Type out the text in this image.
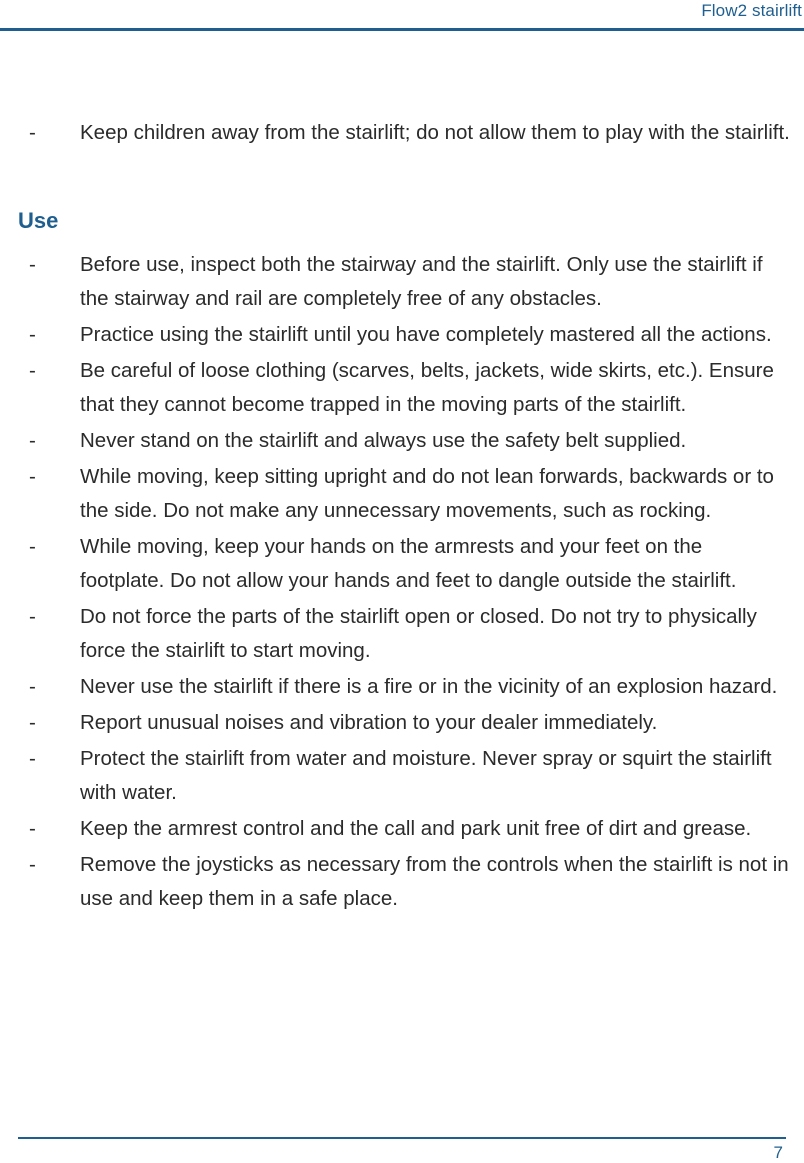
Flow2 stairlift
- Keep children away from the stairlift; do not allow them to play with the stairlift.
Use
- Before use, inspect both the stairway and the stairlift. Only use the stairlift if the stairway and rail are completely free of any obstacles.
- Practice using the stairlift until you have completely mastered all the actions.
- Be careful of loose clothing (scarves, belts, jackets, wide skirts, etc.). Ensure that they cannot become trapped in the moving parts of the stairlift.
- Never stand on the stairlift and always use the safety belt supplied.
- While moving, keep sitting upright and do not lean forwards, backwards or to the side. Do not make any unnecessary movements, such as rocking.
- While moving, keep your hands on the armrests and your feet on the footplate. Do not allow your hands and feet to dangle outside the stairlift.
- Do not force the parts of the stairlift open or closed. Do not try to physically force the stairlift to start moving.
- Never use the stairlift if there is a fire or in the vicinity of an explosion hazard.
- Report unusual noises and vibration to your dealer immediately.
- Protect the stairlift from water and moisture. Never spray or squirt the stairlift with water.
- Keep the armrest control and the call and park unit free of dirt and grease.
- Remove the joysticks as necessary from the controls when the stairlift is not in use and keep them in a safe place.
7
